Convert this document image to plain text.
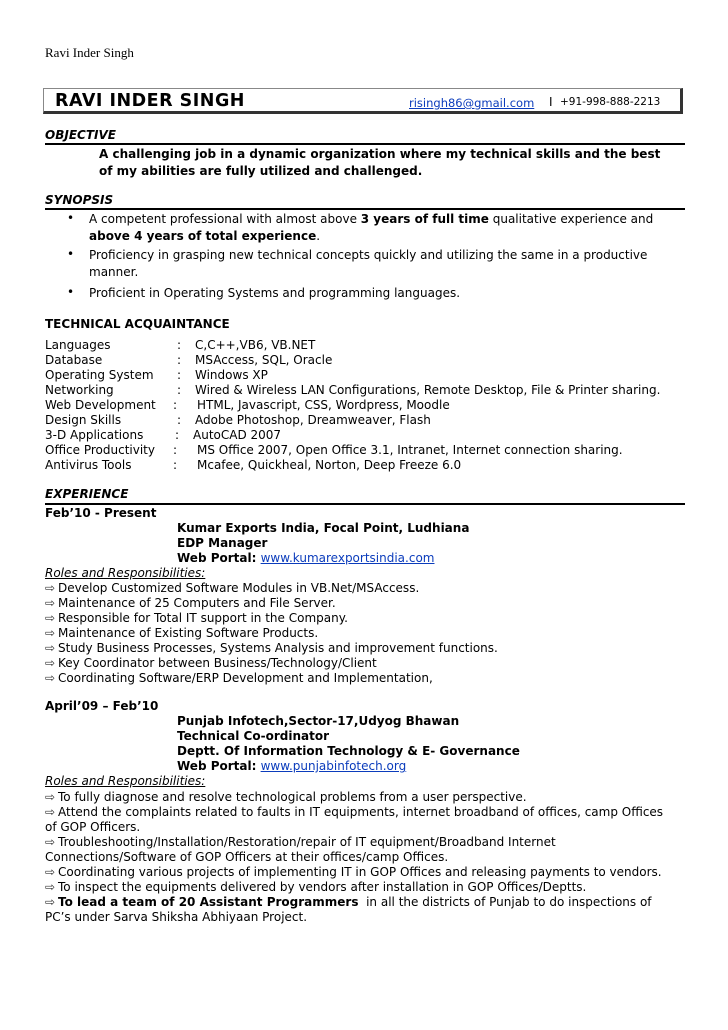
Ravi Inder Singh
RAVI INDER SINGH	risingh86@gmail.com I +91-998-888-2213
OBJECTIVE
A challenging job in a dynamic organization where my technical skills and the best
of my abilities are fully utilized and challenged.
SYNOPSIS
• A competent professional with almost above 3 years of full time qualitative experience and
above 4 years of total experience.
• Proficiency in grasping new technical concepts quickly and utilizing the same in a productive
manner.
• Proficient in Operating Systems and programming languages.
TECHNICAL ACQUAINTANCE
Languages	: C,C++,VB6, VB.NET
Database	: MSAccess, SQL, Oracle
Operating System : Windows XP
Networking	: Wired & Wireless LAN Configurations, Remote Desktop, File & Printer sharing.
Web Development : HTML, Javascript, CSS, Wordpress, Moodle
Design Skills	: Adobe Photoshop, Dreamweaver, Flash
3-D Applications	: AutoCAD 2007
Office Productivity : MS Office 2007, Open Office 3.1, Intranet, Internet connection sharing.
Antivirus Tools	: Mcafee, Quickheal, Norton, Deep Freeze 6.0
EXPERIENCE
Feb’10 - Present
Kumar Exports India, Focal Point, Ludhiana
EDP Manager
Web Portal: www.kumarexportsindia.com
Roles and Responsibilities:
⇨ Develop Customized Software Modules in VB.Net/MSAccess.
⇨ Maintenance of 25 Computers and File Server.
⇨ Responsible for Total IT support in the Company.
⇨ Maintenance of Existing Software Products.
⇨ Study Business Processes, Systems Analysis and improvement functions.
⇨ Key Coordinator between Business/Technology/Client
⇨ Coordinating Software/ERP Development and Implementation,
April’09 – Feb’10
Punjab Infotech,Sector-17,Udyog Bhawan
Technical Co-ordinator
Deptt. Of Information Technology & E- Governance
Web Portal: www.punjabinfotech.org
Roles and Responsibilities:
⇨ To fully diagnose and resolve technological problems from a user perspective.
⇨ Attend the complaints related to faults in IT equipments, internet broadband of offices, camp Offices
of GOP Officers.
⇨ Troubleshooting/Installation/Restoration/repair of IT equipment/Broadband Internet
Connections/Software of GOP Officers at their offices/camp Offices.
⇨ Coordinating various projects of implementing IT in GOP Offices and releasing payments to vendors.
⇨ To inspect the equipments delivered by vendors after installation in GOP Offices/Deptts.
⇨ To lead a team of 20 Assistant Programmers  in all the districts of Punjab to do inspections of
PC’s under Sarva Shiksha Abhiyaan Project.
